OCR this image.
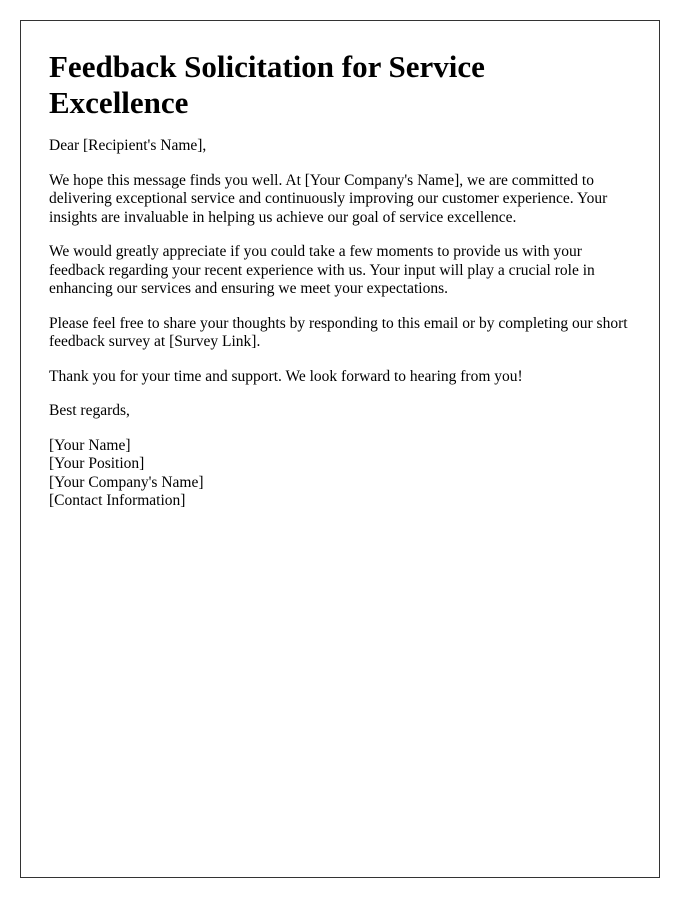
Feedback Solicitation for Service Excellence

Dear [Recipient's Name],

We hope this message finds you well. At [Your Company's Name], we are committed to delivering exceptional service and continuously improving our customer experience. Your insights are invaluable in helping us achieve our goal of service excellence.

We would greatly appreciate if you could take a few moments to provide us with your feedback regarding your recent experience with us. Your input will play a crucial role in enhancing our services and ensuring we meet your expectations.

Please feel free to share your thoughts by responding to this email or by completing our short feedback survey at [Survey Link].

Thank you for your time and support. We look forward to hearing from you!

Best regards,

[Your Name]

[Your Position]

[Your Company's Name]

[Contact Information]
